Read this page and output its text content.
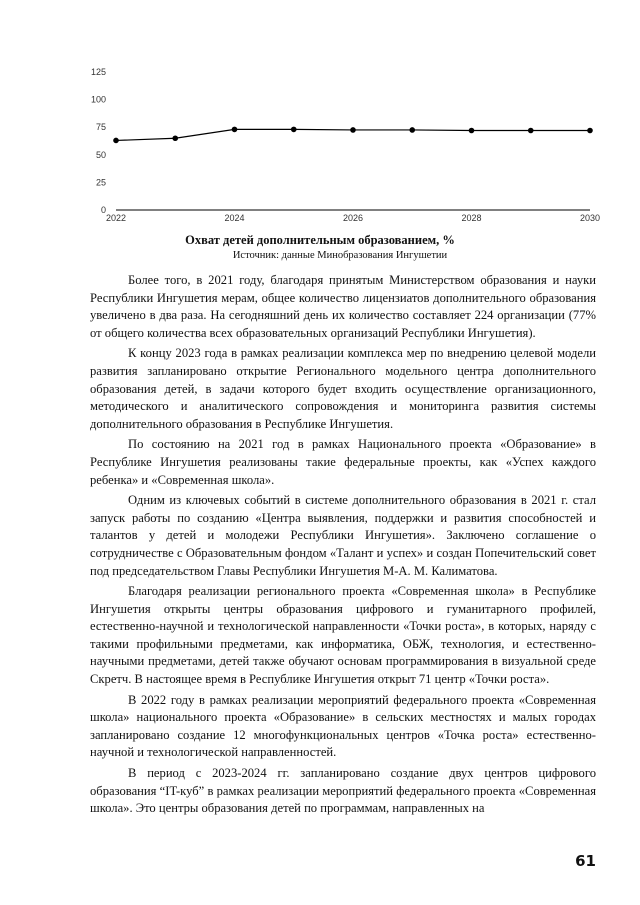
0
25
50
75
100
125
2022	2024	2026	2028	2030
Охват детей дополнительным образованием, %
Источник: данные Минобразования Ингушетии

Более того, в 2021 году, благодаря принятым Министерством образования и науки Республики Ингушетия мерам, общее количество лицензиатов дополнительного образования увеличено в два раза. На сегодняшний день их количество составляет 224 организации (77% от общего количества всех образовательных организаций Республики Ингушетия).

К концу 2023 года в рамках реализации комплекса мер по внедрению целевой модели развития запланировано открытие Регионального модельного центра дополнительного образования детей, в задачи которого будет входить осуществление организационного, методического и аналитического сопровождения и мониторинга развития системы дополнительного образования в Республике Ингушетия.

По состоянию на 2021 год в рамках Национального проекта «Образование» в Республике Ингушетия реализованы такие федеральные проекты, как «Успех каждого ребенка» и «Современная школа».

Одним из ключевых событий в системе дополнительного образования в 2021 г. стал запуск работы по созданию «Центра выявления, поддержки и развития способностей и талантов у детей и молодежи Республики Ингушетия». Заключено соглашение о сотрудничестве с Образовательным фондом «Талант и успех» и создан Попечительский совет под председательством Главы Республики Ингушетия М-А. М. Калиматова.

Благодаря реализации регионального проекта «Современная школа» в Республике Ингушетия открыты центры образования цифрового и гуманитарного профилей, естественно-научной и технологической направленности «Точки роста», в которых, наряду с такими профильными предметами, как информатика, ОБЖ, технология, и естественно-научными предметами, детей также обучают основам программирования в визуальной среде Скретч. В настоящее время в Республике Ингушетия открыт 71 центр «Точки роста».

В 2022 году в рамках реализации мероприятий федерального проекта «Современная школа» национального проекта «Образование» в сельских местностях и малых городах запланировано создание 12 многофункциональных центров «Точка роста» естественно-научной и технологической направленностей.

В период с 2023-2024 гг. запланировано создание двух центров цифрового образования “IT-куб” в рамках реализации мероприятий федерального проекта «Современная школа». Это центры образования детей по программам, направленных на

61
